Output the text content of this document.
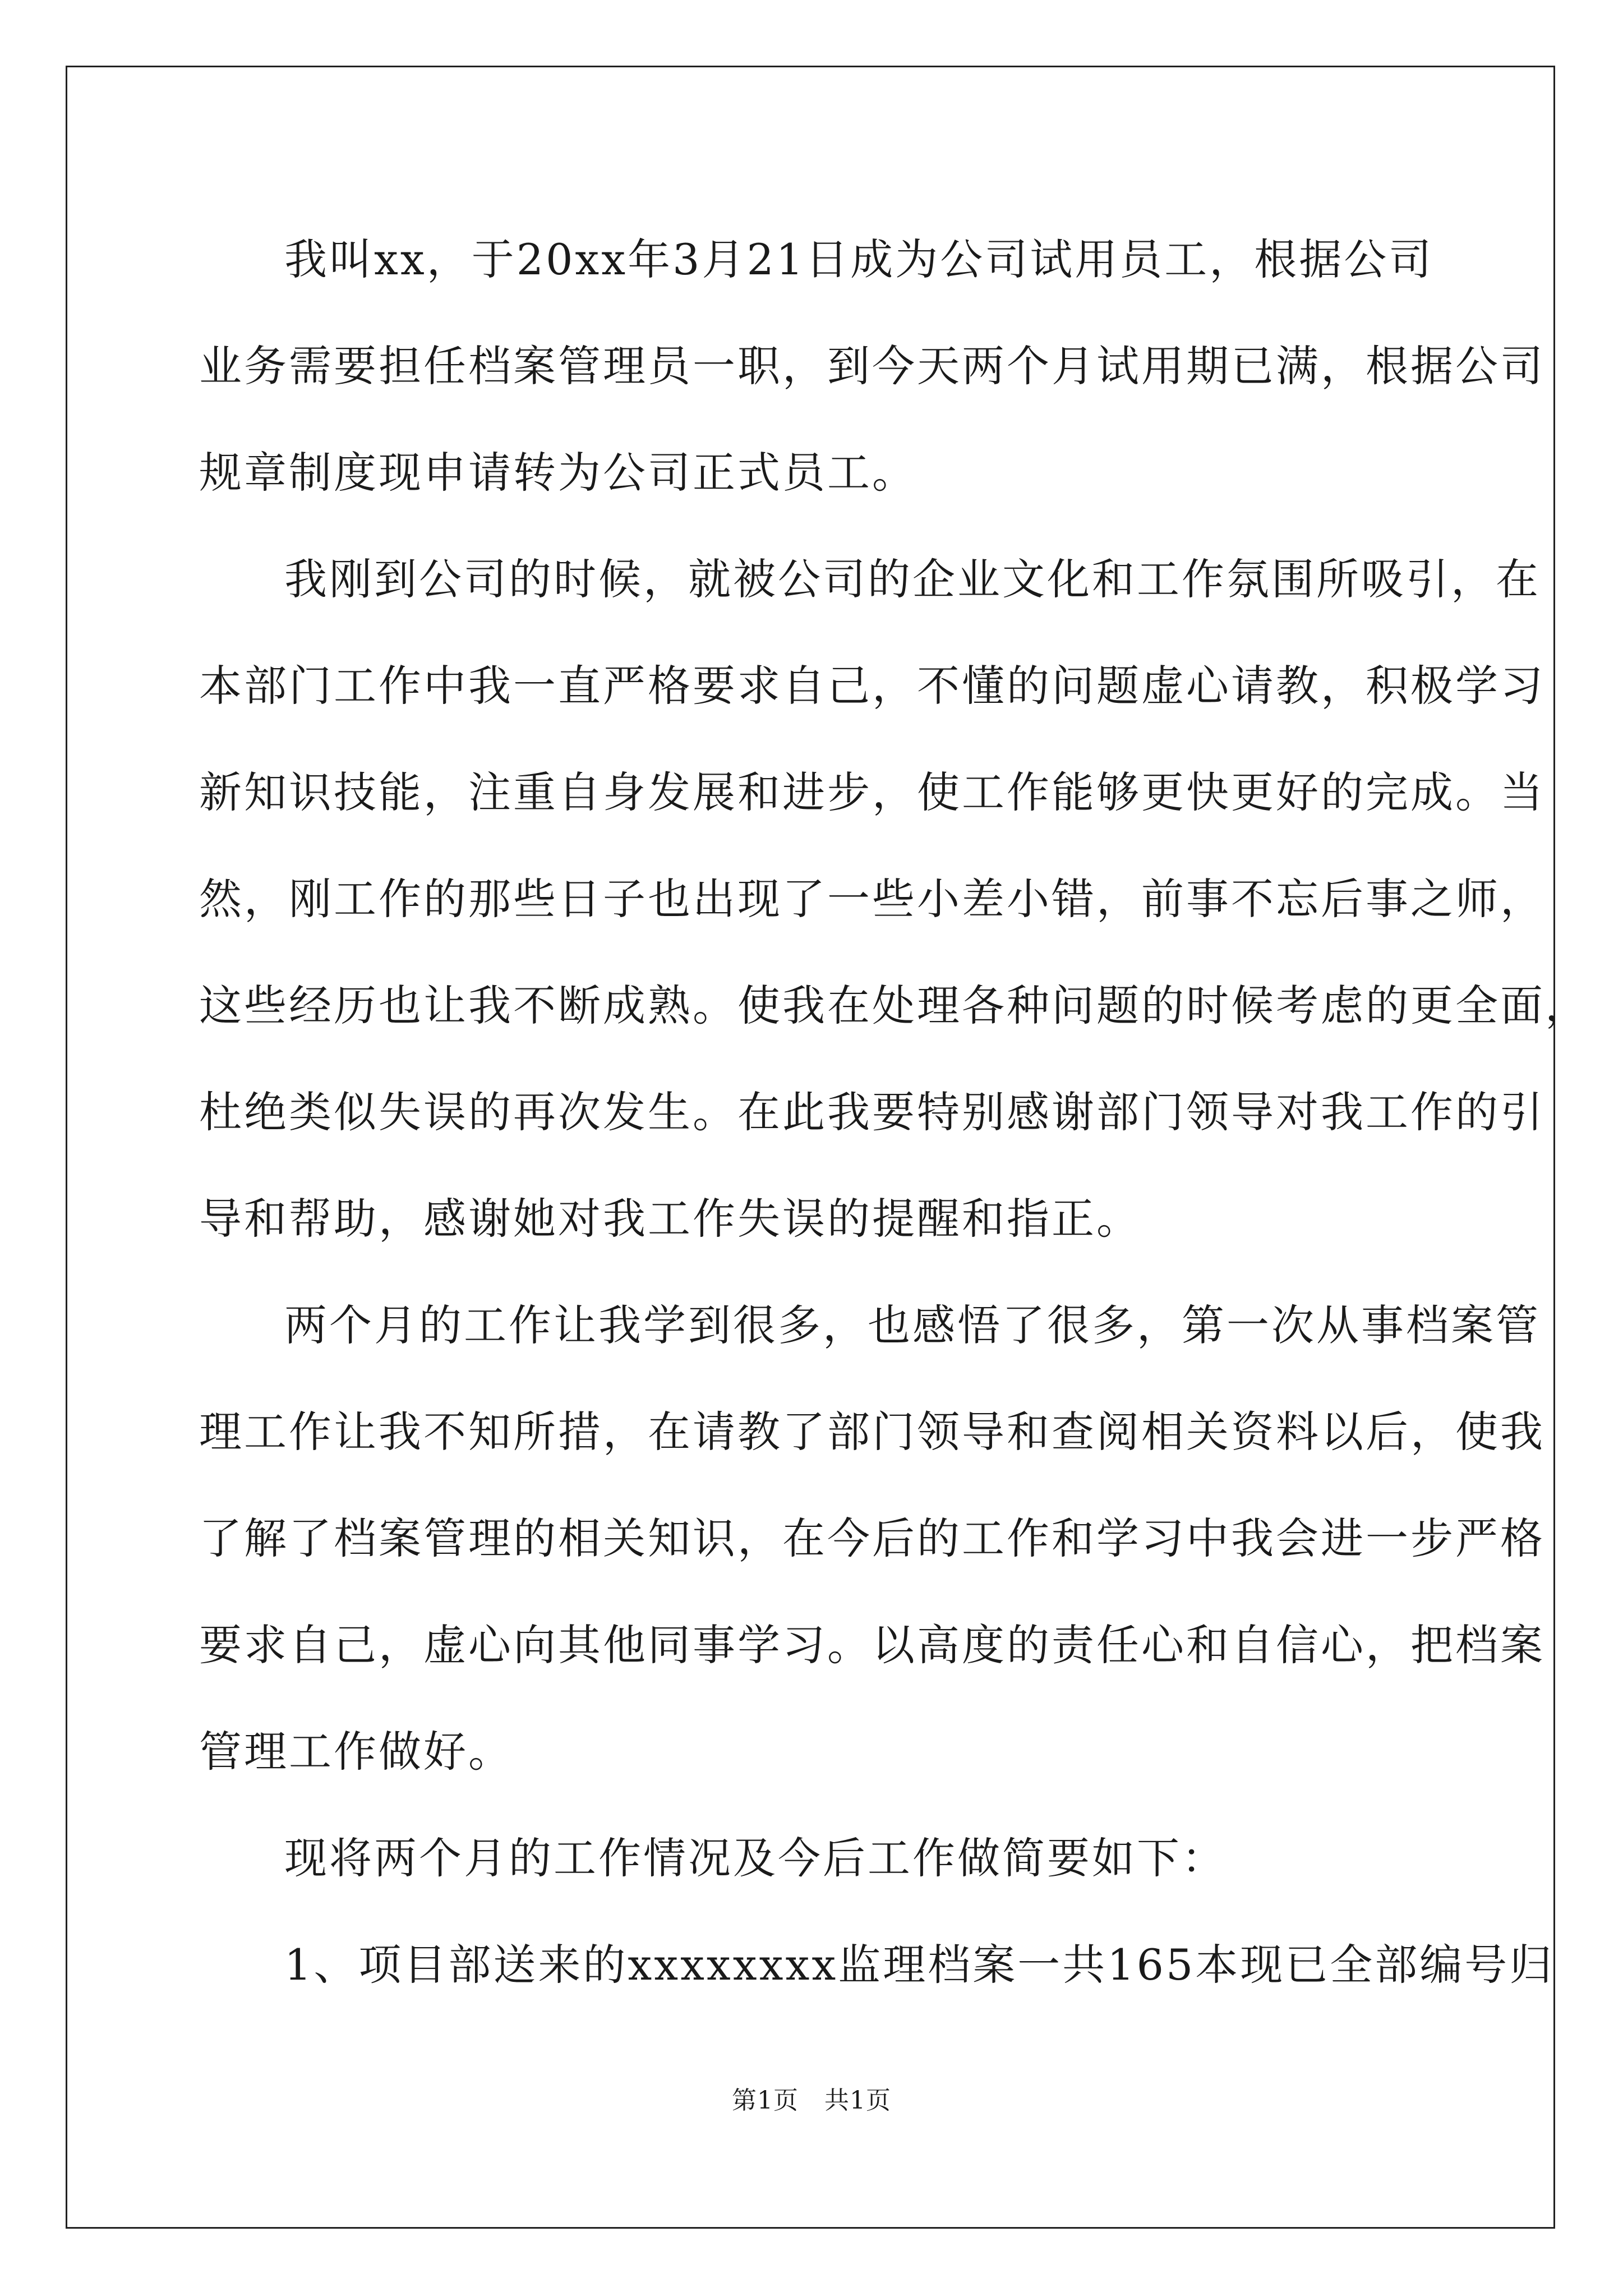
我叫xx，于20xx年3月21日成为公司试用员工，根据公司
业务需要担任档案管理员一职，到今天两个月试用期已满，根据公司
规章制度现申请转为公司正式员工。
我刚到公司的时候，就被公司的企业文化和工作氛围所吸引，在
本部门工作中我一直严格要求自己，不懂的问题虚心请教，积极学习
新知识技能，注重自身发展和进步，使工作能够更快更好的完成。当
然，刚工作的那些日子也出现了一些小差小错，前事不忘后事之师，
这些经历也让我不断成熟。使我在处理各种问题的时候考虑的更全面，
杜绝类似失误的再次发生。在此我要特别感谢部门领导对我工作的引
导和帮助，感谢她对我工作失误的提醒和指正。
两个月的工作让我学到很多，也感悟了很多，第一次从事档案管
理工作让我不知所措，在请教了部门领导和查阅相关资料以后，使我
了解了档案管理的相关知识，在今后的工作和学习中我会进一步严格
要求自己，虚心向其他同事学习。以高度的责任心和自信心，把档案
管理工作做好。
现将两个月的工作情况及今后工作做简要如下：
1、项目部送来的xxxxxxxx监理档案一共165本现已全部编号归
第1页 共1页
